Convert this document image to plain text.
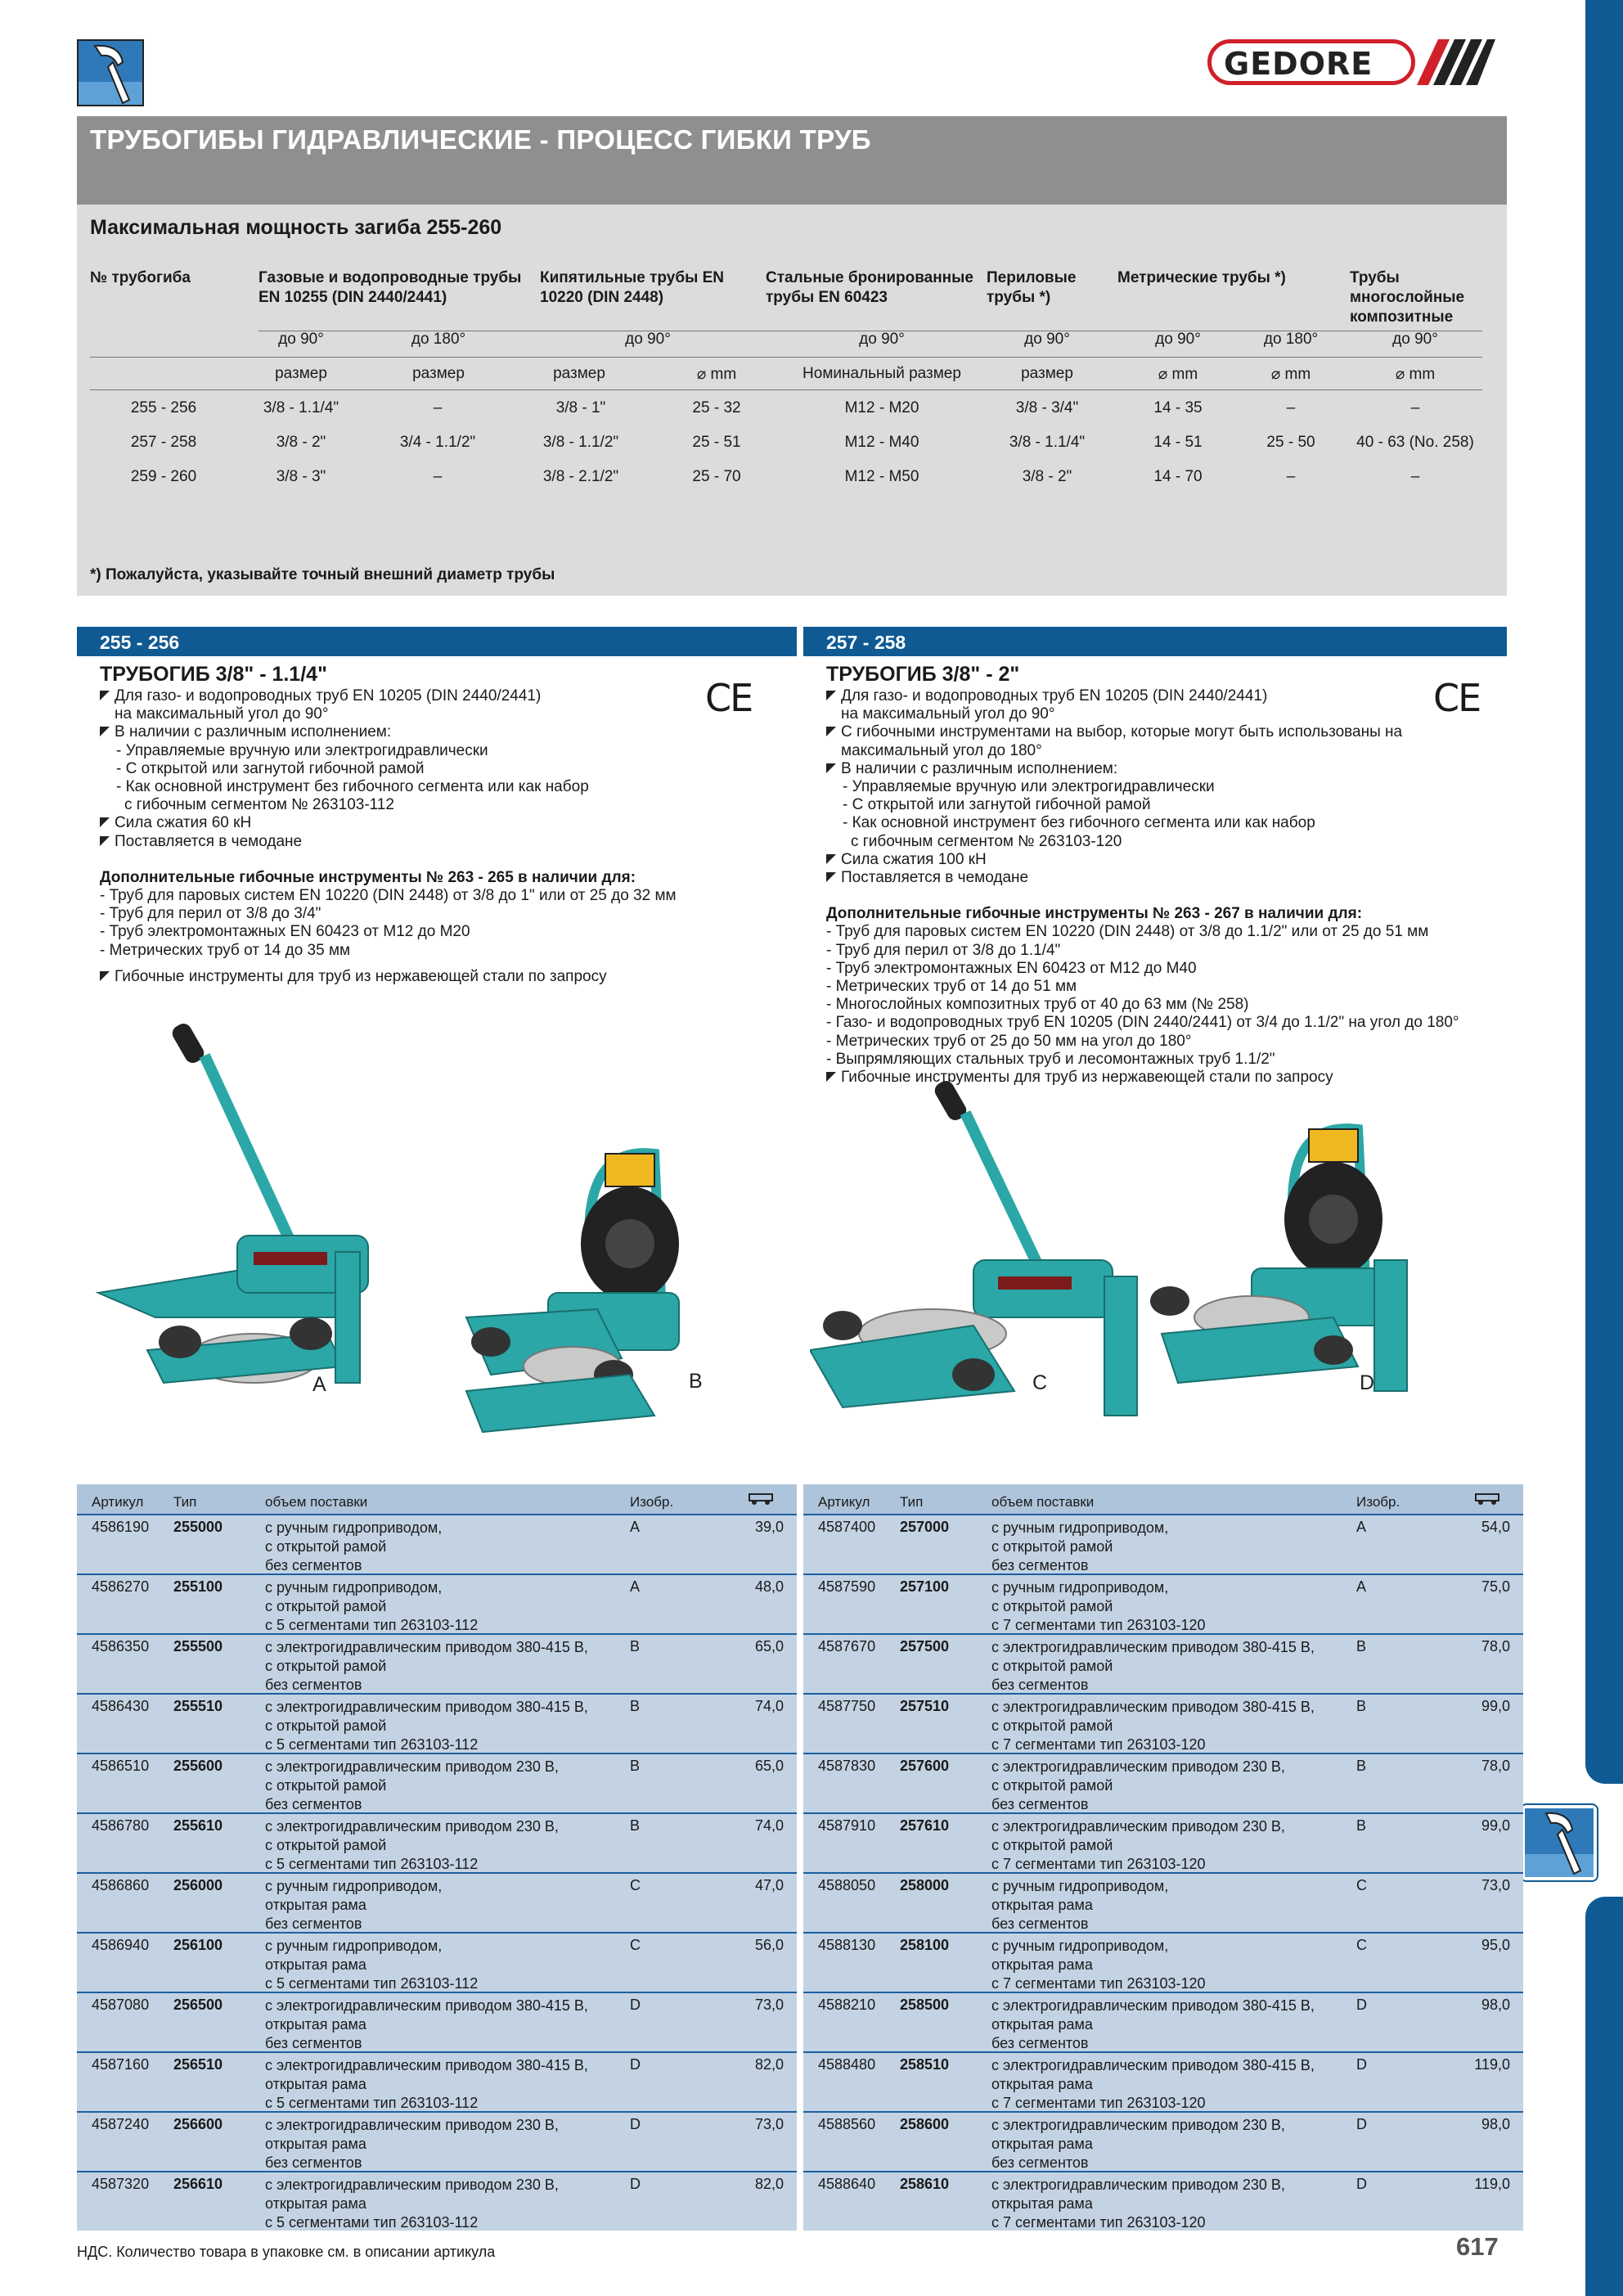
GEDORE
ТРУБОГИБЫ ГИДРАВЛИЧЕСКИЕ - ПРОЦЕСС ГИБКИ ТРУБ
Максимальная мощность загиба 255-260
№ трубогиба	Газовые и водопроводные трубы
EN 10255 (DIN 2440/2441)
Кипятильные трубы EN
10220 (DIN 2448)
Стальные бронированные
трубы EN 60423
Периловые
трубы *)
Метрические трубы *)	Трубы
многослойные
композитные
до 90°	до 180°	до 90°	до 90°	до 90°	до 90°	до 180°	до 90°
размер	размер	размер	⌀ mm	Номинальный размер	размер	⌀ mm	⌀ mm	⌀ mm
255 - 256	3/8 - 1.1/4"	–	3/8 - 1"	25 - 32	M12 - M20	3/8 - 3/4"	14 - 35	–	–
257 - 258	3/8 - 2"	3/4 - 1.1/2"	3/8 - 1.1/2"	25 - 51	M12 - M40	3/8 - 1.1/4"	14 - 51	25 - 50	40 - 63 (No. 258)
259 - 260	3/8 - 3"	–	3/8 - 2.1/2"	25 - 70	M12 - M50	3/8 - 2"	14 - 70	–	–
*) Пожалуйста, указывайте точный внешний диаметр трубы
255 - 256	257 - 258
ТРУБОГИБ 3/8" - 1.1/4"	ТРУБОГИБ 3/8" - 2"
CE	CE
Для газо- и водопроводных труб EN 10205 (DIN 2440/2441)
на максимальный угол до 90°
В наличии с различным исполнением:
- Управляемые вручную или электрогидравлически
- С открытой или загнутой гибочной рамой
- Как основной инструмент без гибочного сегмента или как набор
с гибочным сегментом № 263103-112
Сила сжатия 60 кН
Поставляется в чемодане
Дополнительные гибочные инструменты № 263 - 265 в наличии для:
- Труб для паровых систем EN 10220 (DIN 2448) от 3/8 до 1" или от 25 до 32 мм
- Труб для перил от 3/8 до 3/4"
- Труб электромонтажных EN 60423 от M12 до M20
- Метрических труб от 14 до 35 мм
Гибочные инструменты для труб из нержавеющей стали по запросу
Для газо- и водопроводных труб EN 10205 (DIN 2440/2441)
на максимальный угол до 90°
С гибочными инструментами на выбор, которые могут быть использованы на
максимальный угол до 180°
В наличии с различным исполнением:
- Управляемые вручную или электрогидравлически
- С открытой или загнутой гибочной рамой
- Как основной инструмент без гибочного сегмента или как набор
с гибочным сегментом № 263103-120
Сила сжатия 100 кН
Поставляется в чемодане
Дополнительные гибочные инструменты № 263 - 267 в наличии для:
- Труб для паровых систем EN 10220 (DIN 2448) от 3/8 до 1.1/2" или от 25 до 51 мм
- Труб для перил от 3/8 до 1.1/4"
- Труб электромонтажных EN 60423 от M12 до M40
- Метрических труб от 14 до 51 мм
- Многослойных композитных труб от 40 до 63 мм (№ 258)
- Газо- и водопроводных труб EN 10205 (DIN 2440/2441) от 3/4 до 1.1/2" на угол до 180°
- Метрических труб от 25 до 50 мм на угол до 180°
- Выпрямляющих стальных труб и лесомонтажных труб 1.1/2"
Гибочные инструменты для труб из нержавеющей стали по запросу
A	B	C	D
Артикул Тип	объем поставки	Изобр.
4586190 255000	с ручным гидроприводом,
с открытой рамой
без сегментов
A	39,0
4586270 255100	с ручным гидроприводом,
с открытой рамой
с 5 сегментами тип 263103-112
A	48,0
4586350 255500	с электрогидравлическим приводом 380-415 В,
с открытой рамой
без сегментов
B	65,0
4586430 255510	с электрогидравлическим приводом 380-415 В,
с открытой рамой
с 5 сегментами тип 263103-112
B	74,0
4586510 255600	с электрогидравлическим приводом 230 В,
с открытой рамой
без сегментов
B	65,0
4586780 255610	с электрогидравлическим приводом 230 В,
с открытой рамой
с 5 сегментами тип 263103-112
B	74,0
4586860 256000	с ручным гидроприводом,
открытая рама
без сегментов
C	47,0
4586940 256100	с ручным гидроприводом,
открытая рама
с 5 сегментами тип 263103-112
C	56,0
4587080 256500	с электрогидравлическим приводом 380-415 В,
открытая рама
без сегментов
D	73,0
4587160 256510	с электрогидравлическим приводом 380-415 В,
открытая рама
с 5 сегментами тип 263103-112
D	82,0
4587240 256600	с электрогидравлическим приводом 230 В,
открытая рама
без сегментов
D	73,0
4587320 256610	с электрогидравлическим приводом 230 В,
открытая рама
с 5 сегментами тип 263103-112
D	82,0
Артикул Тип	объем поставки	Изобр.
4587400 257000	с ручным гидроприводом,
с открытой рамой
без сегментов
A	54,0
4587590 257100	с ручным гидроприводом,
с открытой рамой
с 7 сегментами тип 263103-120
A	75,0
4587670 257500	с электрогидравлическим приводом 380-415 В,
с открытой рамой
без сегментов
B	78,0
4587750 257510	с электрогидравлическим приводом 380-415 В,
с открытой рамой
с 7 сегментами тип 263103-120
B	99,0
4587830 257600	с электрогидравлическим приводом 230 В,
с открытой рамой
без сегментов
B	78,0
4587910 257610	с электрогидравлическим приводом 230 В,
с открытой рамой
с 7 сегментами тип 263103-120
B	99,0
4588050 258000	с ручным гидроприводом,
открытая рама
без сегментов
C	73,0
4588130 258100	с ручным гидроприводом,
открытая рама
с 7 сегментами тип 263103-120
C	95,0
4588210 258500	с электрогидравлическим приводом 380-415 В,
открытая рама
без сегментов
D	98,0
4588480 258510	с электрогидравлическим приводом 380-415 В,
открытая рама
с 7 сегментами тип 263103-120
D	119,0
4588560 258600	с электрогидравлическим приводом 230 В,
открытая рама
без сегментов
D	98,0
4588640 258610	с электрогидравлическим приводом 230 В,
открытая рама
с 7 сегментами тип 263103-120
D	119,0
НДС. Количество товара в упаковке см. в описании артикула	617
